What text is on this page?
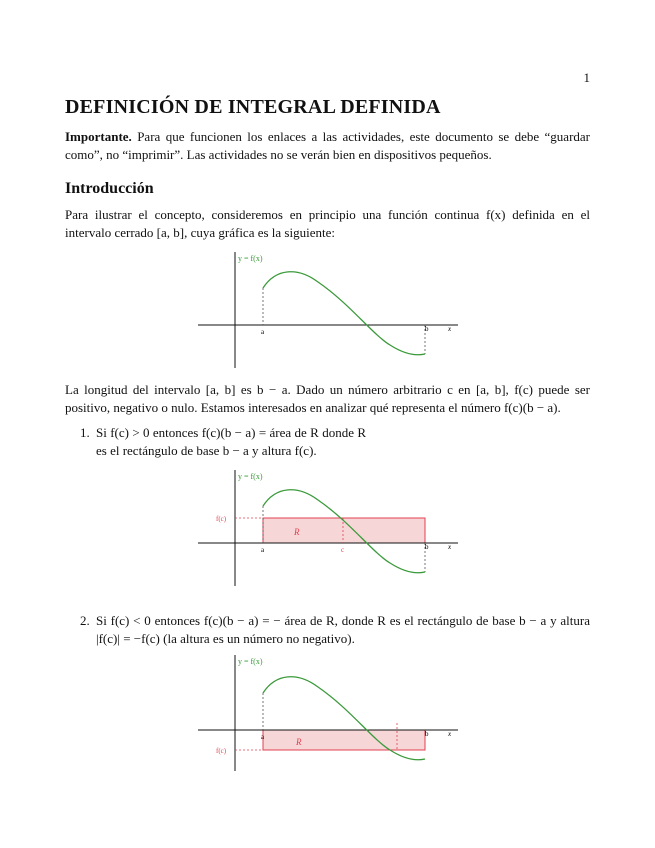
1
DEFINICIÓN DE INTEGRAL DEFINIDA

Importante. Para que funcionen los enlaces a las actividades, este documento se debe “guardar como”, no “imprimir”. Las actividades no se verán bien en dispositivos pequeños.

Introducción

Para ilustrar el concepto, consideremos en principio una función continua f(x) definida en el intervalo cerrado [a, b], cuya gráfica es la siguiente:

y = f(x)
a	b	x

La longitud del intervalo [a, b] es b − a. Dado un número arbitrario c en [a, b], f(c) puede ser positivo, negativo o nulo. Estamos interesados en analizar qué representa el número f(c)(b − a).

1. Si f(c) > 0 entonces f(c)(b − a) = área de R donde R es el rectángulo de base b − a y altura f(c).
y = f(x)
f(c)
R
a	c	b	x
2. Si f(c) < 0 entonces f(c)(b − a) = − área de R, donde R es el rectángulo de base b − a y altura |f(c)| = −f(c) (la altura es un número no negativo).
y = f(x)
f(c)
R
a	b	x
